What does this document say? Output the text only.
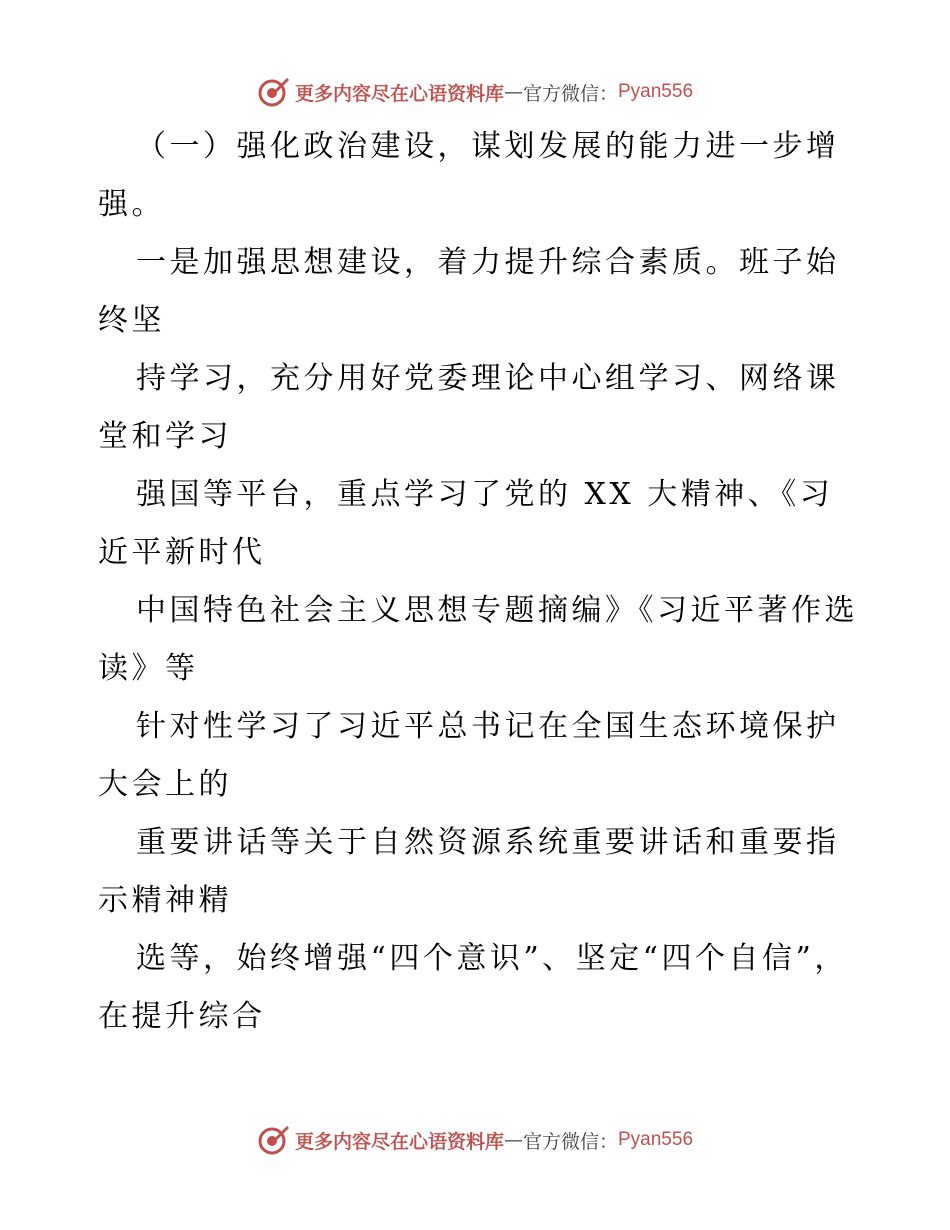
更多内容尽在心语资料库 — 官方微信： Pyan556

（一）强化政治建设，谋划发展的能力进一步增强。

一是加强思想建设，着力提升综合素质。班子始终坚

持学习，充分用好党委理论中心组学习、网络课堂和学习

强国等平台，重点学习了党的 XX 大精神、《习近平新时代

中国特色社会主义思想专题摘编》《习近平著作选读》等

针对性学习了习近平总书记在全国生态环境保护大会上的

重要讲话等关于自然资源系统重要讲话和重要指示精神精

选等，始终增强“四个意识”、坚定“四个自信”，在提升综合

更多内容尽在心语资料库 — 官方微信： Pyan556
